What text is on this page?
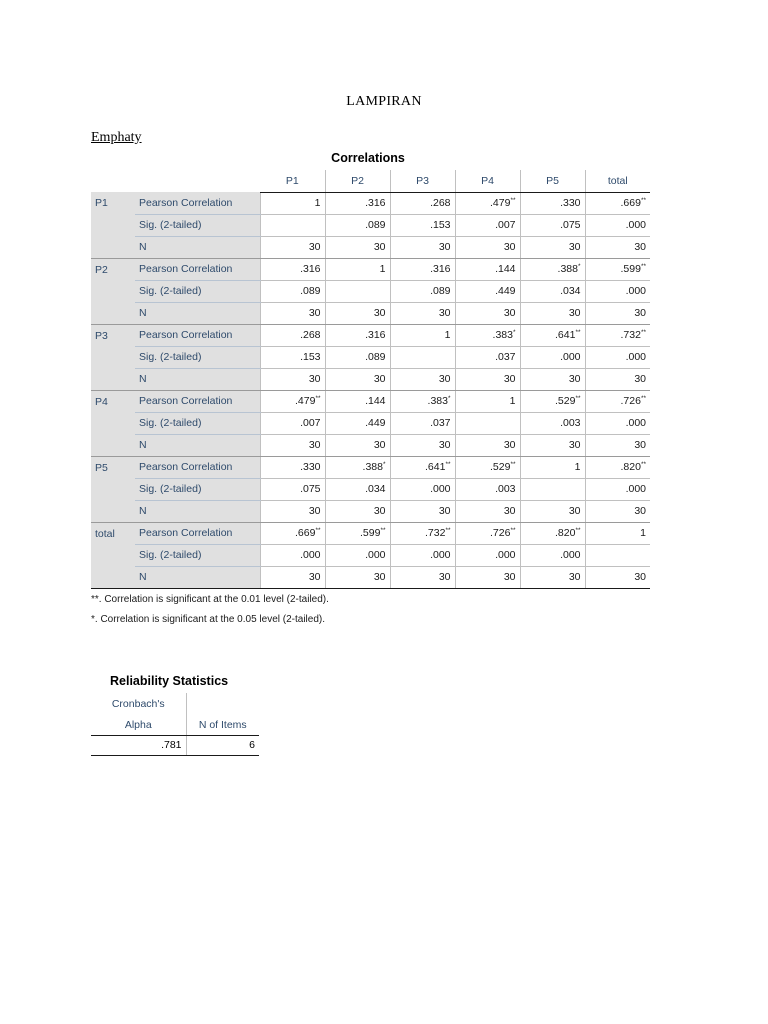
LAMPIRAN
Emphaty
Correlations
		P1	P2	P3	P4	P5	total
P1	Pearson Correlation	1	.316	.268	.479**	.330	.669**
	Sig. (2-tailed)		.089	.153	.007	.075	.000
	N	30	30	30	30	30	30
P2	Pearson Correlation	.316	1	.316	.144	.388*	.599**
	Sig. (2-tailed)	.089		.089	.449	.034	.000
	N	30	30	30	30	30	30
P3	Pearson Correlation	.268	.316	1	.383*	.641**	.732**
	Sig. (2-tailed)	.153	.089		.037	.000	.000
	N	30	30	30	30	30	30
P4	Pearson Correlation	.479**	.144	.383*	1	.529**	.726**
	Sig. (2-tailed)	.007	.449	.037		.003	.000
	N	30	30	30	30	30	30
P5	Pearson Correlation	.330	.388*	.641**	.529**	1	.820**
	Sig. (2-tailed)	.075	.034	.000	.003		.000
	N	30	30	30	30	30	30
total	Pearson Correlation	.669**	.599**	.732**	.726**	.820**	1
	Sig. (2-tailed)	.000	.000	.000	.000	.000	
	N	30	30	30	30	30	30
**. Correlation is significant at the 0.01 level (2-tailed).
*. Correlation is significant at the 0.05 level (2-tailed).
Reliability Statistics
Cronbach's	
Alpha	N of Items
.781	6
